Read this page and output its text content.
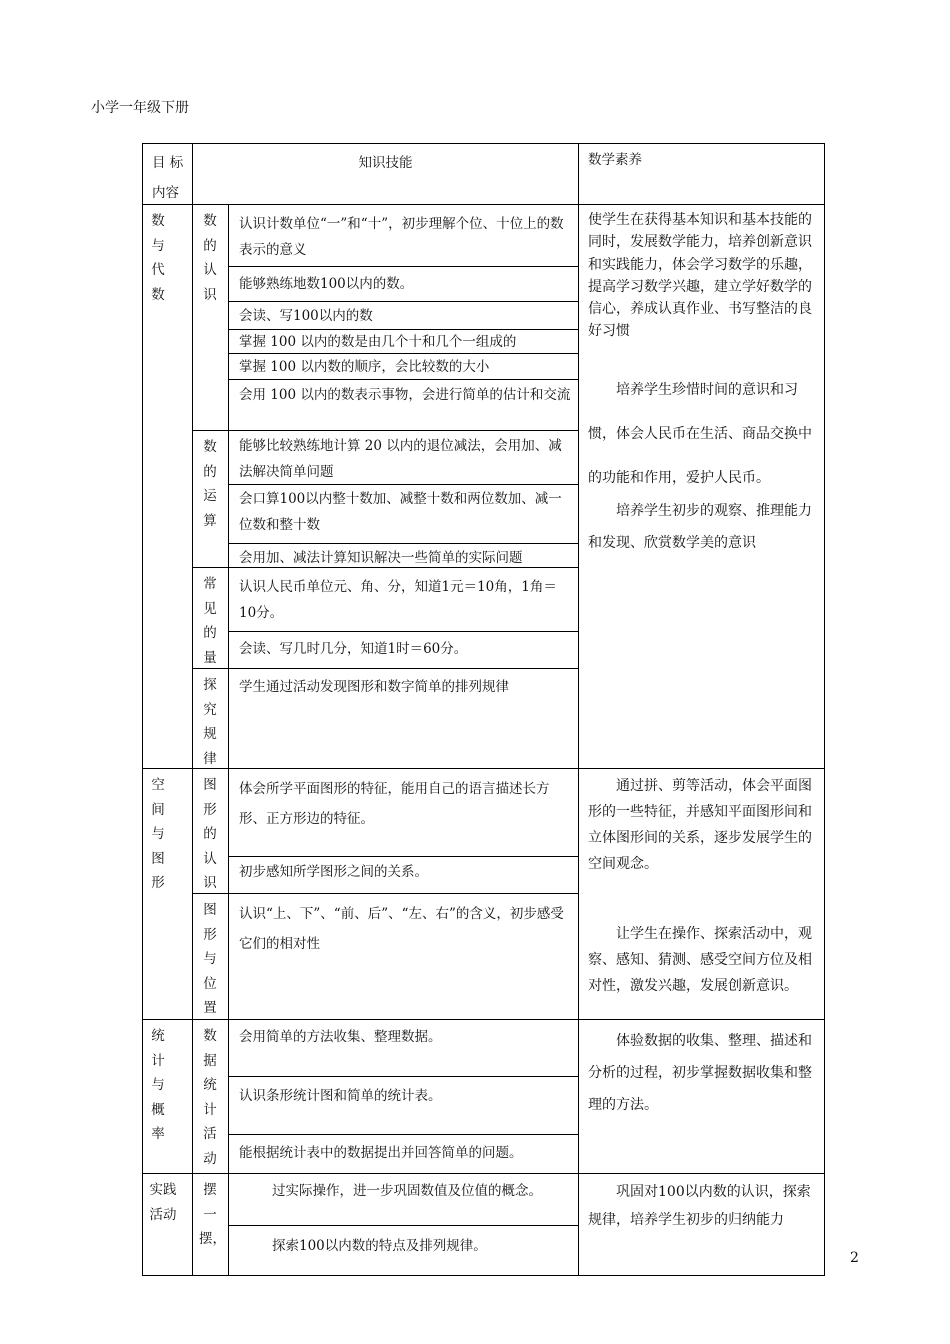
小学一年级下册
目 标
内容
知识技能	数学素养
数与代数
空间与图形
统计与概率
实践活动
数的认识
数的运算
常见的量
探究规律
图形的认识
图形与位置
数据统计活动
摆一摆，
认识计数单位“一”和“十”，初步理解个位、十位上的数表示的意义
能够熟练地数100以内的数。
会读、写100以内的数
掌握 100 以内的数是由几个十和几个一组成的
掌握 100 以内数的顺序，会比较数的大小
会用 100 以内的数表示事物，会进行简单的估计和交流
能够比较熟练地计算 20 以内的退位减法，会用加、减法解决简单问题
会口算100以内整十数加、减整十数和两位数加、减一位数和整十数
会用加、减法计算知识解决一些简单的实际问题
认识人民币单位元、角、分，知道1元＝10角，1角＝10分。
会读、写几时几分，知道1时＝60分。
学生通过活动发现图形和数字简单的排列规律
体会所学平面图形的特征，能用自己的语言描述长方形、正方形边的特征。
初步感知所学图形之间的关系。
认识“上、下”、“前、后”、“左、右”的含义，初步感受它们的相对性
会用简单的方法收集、整理数据。
认识条形统计图和简单的统计表。
能根据统计表中的数据提出并回答简单的问题。
过实际操作，进一步巩固数值及位值的概念。
探索100以内数的特点及排列规律。
使学生在获得基本知识和基本技能的同时，发展数学能力，培养创新意识和实践能力，体会学习数学的乐趣，提高学习数学兴趣，建立学好数学的信心，养成认真作业、书写整洁的良好习惯
培养学生珍惜时间的意识和习惯，体会人民币在生活、商品交换中的功能和作用，爱护人民币。
培养学生初步的观察、推理能力和发现、欣赏数学美的意识
通过拼、剪等活动，体会平面图形的一些特征，并感知平面图形间和立体图形间的关系，逐步发展学生的空间观念。
让学生在操作、探索活动中，观察、感知、猜测、感受空间方位及相对性，激发兴趣，发展创新意识。
体验数据的收集、整理、描述和分析的过程，初步掌握数据收集和整理的方法。
巩固对100以内数的认识，探索规律，培养学生初步的归纳能力
2
